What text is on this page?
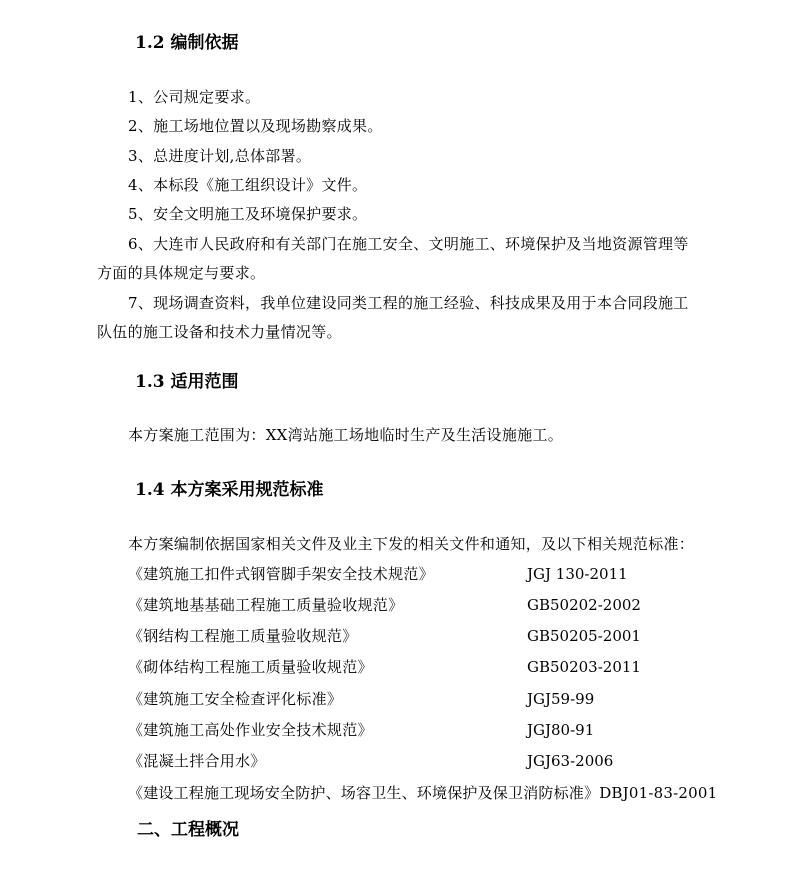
1.2 编制依据
1、公司规定要求。
2、施工场地位置以及现场勘察成果。
3、总进度计划,总体部署。
4、本标段《施工组织设计》文件。
5、安全文明施工及环境保护要求。
6、大连市人民政府和有关部门在施工安全、文明施工、环境保护及当地资源管理等
方面的具体规定与要求。
7、现场调查资料，我单位建设同类工程的施工经验、科技成果及用于本合同段施工
队伍的施工设备和技术力量情况等。
1.3 适用范围
本方案施工范围为：XX湾站施工场地临时生产及生活设施施工。
1.4 本方案采用规范标准
本方案编制依据国家相关文件及业主下发的相关文件和通知，及以下相关规范标准：
《建筑施工扣件式钢管脚手架安全技术规范》	JGJ 130-2011
《建筑地基基础工程施工质量验收规范》	GB50202-2002
《钢结构工程施工质量验收规范》	GB50205-2001
《砌体结构工程施工质量验收规范》	GB50203-2011
《建筑施工安全检查评化标准》	JGJ59-99
《建筑施工高处作业安全技术规范》	JGJ80-91
《混凝土拌合用水》	JGJ63-2006
《建设工程施工现场安全防护、场容卫生、环境保护及保卫消防标准》DBJ01-83-2001
二、工程概况
